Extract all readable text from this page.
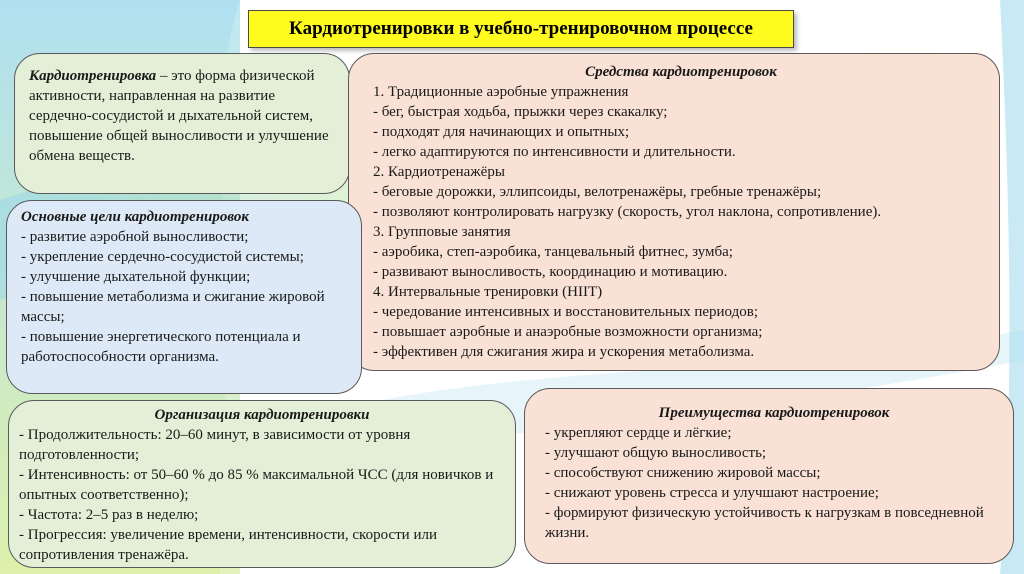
Кардиотренировки в учебно-тренировочном процессе
Кардиотренировка – это форма физической активности, направленная на развитие сердечно-сосудистой и дыхательной систем, повышение общей выносливости и улучшение обмена веществ.
Средства кардиотренировок
1. Традиционные аэробные упражнения
- бег, быстрая ходьба, прыжки через скакалку;
- подходят для начинающих и опытных;
- легко адаптируются по интенсивности и длительности.
2. Кардиотренажёры
- беговые дорожки, эллипсоиды, велотренажёры, гребные тренажёры;
- позволяют контролировать нагрузку (скорость, угол наклона, сопротивление).
3. Групповые занятия
- аэробика, степ-аэробика, танцевальный фитнес, зумба;
- развивают выносливость, координацию и мотивацию.
4. Интервальные тренировки (HIIT)
- чередование интенсивных и восстановительных периодов;
- повышает аэробные и анаэробные возможности организма;
- эффективен для сжигания жира и ускорения метаболизма.
Основные цели кардиотренировок
- развитие аэробной выносливости;
- укрепление сердечно-сосудистой системы;
- улучшение дыхательной функции;
- повышение метаболизма и сжигание жировой массы;
- повышение энергетического потенциала и работоспособности организма.
Организация кардиотренировки
- Продолжительность: 20–60 минут, в зависимости от уровня подготовленности;
- Интенсивность: от 50–60 % до 85 % максимальной ЧСС (для новичков и опытных соответственно);
- Частота: 2–5 раз в неделю;
- Прогрессия: увеличение времени, интенсивности, скорости или сопротивления тренажёра.
Преимущества кардиотренировок
- укрепляют сердце и лёгкие;
- улучшают общую выносливость;
- способствуют снижению жировой массы;
- снижают уровень стресса и улучшают настроение;
- формируют физическую устойчивость к нагрузкам в повседневной жизни.
